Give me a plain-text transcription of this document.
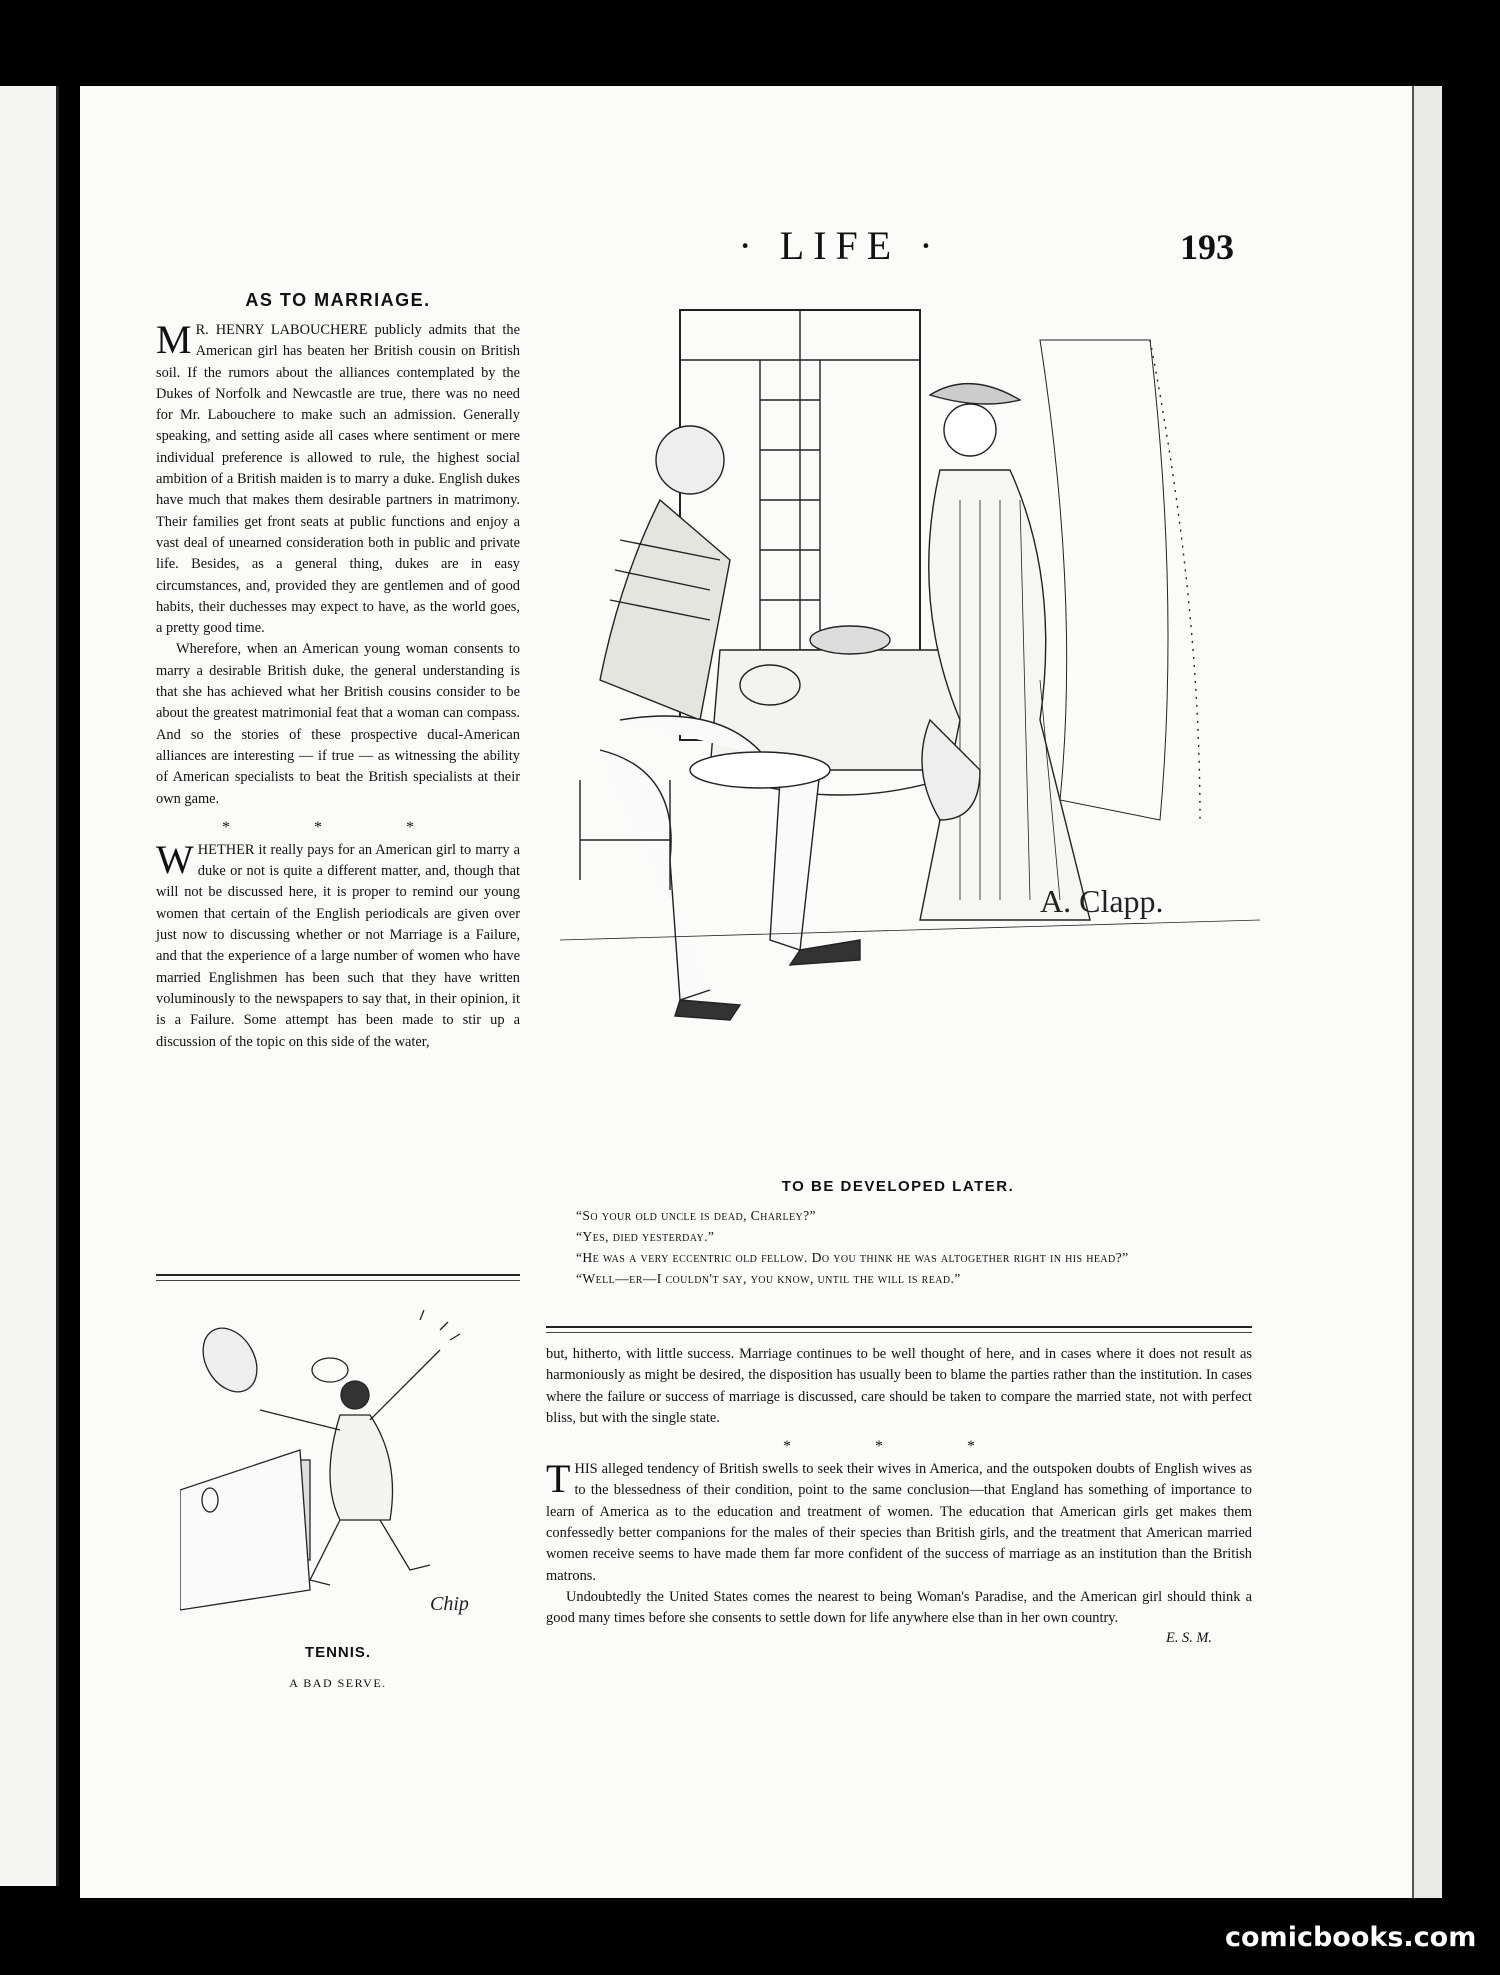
· LIFE ·	193
AS TO MARRIAGE.

M R. HENRY LABOUCHERE publicly admits that the American girl has beaten her British cousin on British soil. If the rumors about the alliances contemplated by the Dukes of Norfolk and Newcastle are true, there was no need for Mr. Labouchere to make such an admission. Generally speaking, and setting aside all cases where sentiment or mere individual preference is allowed to rule, the highest social ambition of a British maiden is to marry a duke. English dukes have much that makes them desirable partners in matrimony. Their families get front seats at public functions and enjoy a vast deal of unearned consideration both in public and private life. Besides, as a general thing, dukes are in easy circumstances, and, provided they are gentlemen and of good habits, their duchesses may expect to have, as the world goes, a pretty good time.

Wherefore, when an American young woman consents to marry a desirable British duke, the general understanding is that she has achieved what her British cousins consider to be about the greatest matrimonial feat that a woman can compass. And so the stories of these prospective ducal-American alliances are interesting — if true — as witnessing the ability of American specialists to beat the British specialists at their own game.

* * *

WHETHER it really pays for an American girl to marry a duke or not is quite a different matter, and, though that will not be discussed here, it is proper to remind our young women that certain of the English periodicals are given over just now to discussing whether or not Marriage is a Failure, and that the experience of a large number of women who have married Englishmen has been such that they have written voluminously to the newspapers to say that, in their opinion, it is a Failure. Some attempt has been made to stir up a discussion of the topic on this side of the water,

A. Clapp.
TO BE DEVELOPED LATER.

“So your old uncle is dead, Charley?”

“Yes, died yesterday.”

“He was a very eccentric old fellow. Do you think he was altogether right in his head?”

“Well—er—I couldn't say, you know, until the will is read.”

but, hitherto, with little success. Marriage continues to be well thought of here, and in cases where it does not result as harmoniously as might be desired, the disposition has usually been to blame the parties rather than the institution. In cases where the failure or success of marriage is discussed, care should be taken to compare the married state, not with perfect bliss, but with the single state.

* * *

THIS alleged tendency of British swells to seek their wives in America, and the outspoken doubts of English wives as to the blessedness of their condition, point to the same conclusion—that England has something of importance to learn of America as to the education and treatment of women. The education that American girls get makes them confessedly better companions for the males of their species than British girls, and the treatment that American married women receive seems to have made them far more confident of the success of marriage as an institution than the British matrons.

Undoubtedly the United States comes the nearest to being Woman's Paradise, and the American girl should think a good many times before she consents to settle down for life anywhere else than in her own country.

E. S. M.
Chip
TENNIS.
A BAD SERVE.
comicbooks.com
